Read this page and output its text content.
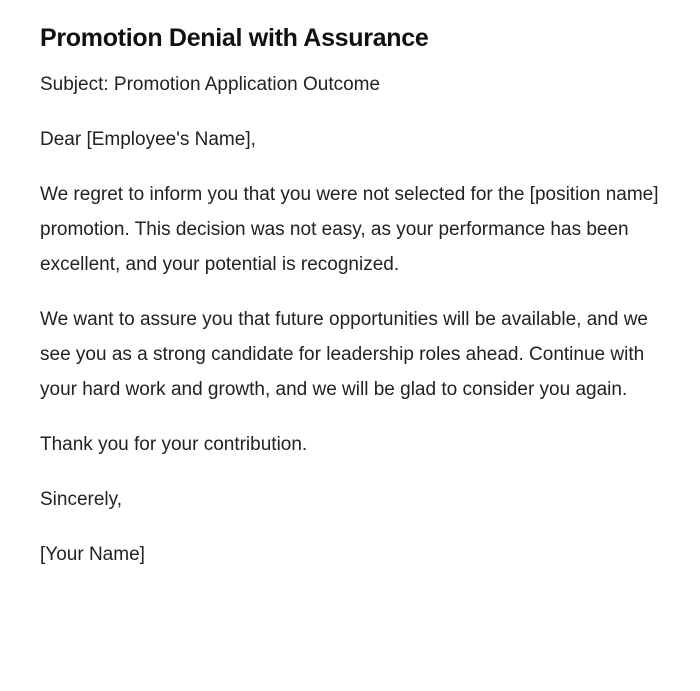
Promotion Denial with Assurance

Subject: Promotion Application Outcome

Dear [Employee's Name],

We regret to inform you that you were not selected for the [position name] promotion. This decision was not easy, as your performance has been excellent, and your potential is recognized.

We want to assure you that future opportunities will be available, and we see you as a strong candidate for leadership roles ahead. Continue with your hard work and growth, and we will be glad to consider you again.

Thank you for your contribution.

Sincerely,

[Your Name]
